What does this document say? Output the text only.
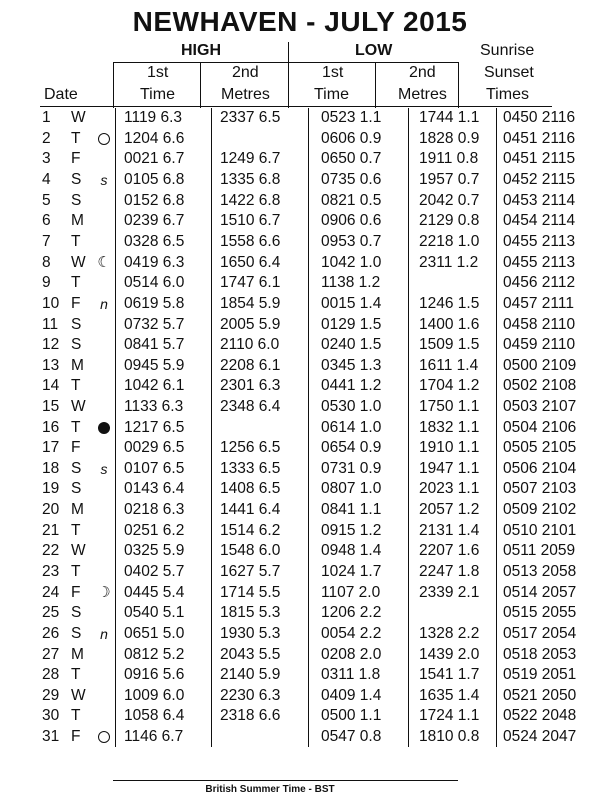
NEWHAVEN - JULY 2015
HIGH	LOW	Sunrise
Sunset
Times
1st	2nd	1st	2nd
Date	Time	Metres	Time	Metres
1	W		1119 6.3	2337 6.5	0523 1.1	1744 1.1	0450 2116
2	T		1204 6.6		0606 0.9	1828 0.9	0451 2116
3	F		0021 6.7	1249 6.7	0650 0.7	1911 0.8	0451 2115
4	S	s	0105 6.8	1335 6.8	0735 0.6	1957 0.7	0452 2115
5	S		0152 6.8	1422 6.8	0821 0.5	2042 0.7	0453 2114
6	M		0239 6.7	1510 6.7	0906 0.6	2129 0.8	0454 2114
7	T		0328 6.5	1558 6.6	0953 0.7	2218 1.0	0455 2113
8	W	☾	0419 6.3	1650 6.4	1042 1.0	2311 1.2	0455 2113
9	T		0514 6.0	1747 6.1	1138 1.2		0456 2112
10	F	n	0619 5.8	1854 5.9	0015 1.4	1246 1.5	0457 2111
11	S		0732 5.7	2005 5.9	0129 1.5	1400 1.6	0458 2110
12	S		0841 5.7	2110 6.0	0240 1.5	1509 1.5	0459 2110
13	M		0945 5.9	2208 6.1	0345 1.3	1611 1.4	0500 2109
14	T		1042 6.1	2301 6.3	0441 1.2	1704 1.2	0502 2108
15	W		1133 6.3	2348 6.4	0530 1.0	1750 1.1	0503 2107
16	T		1217 6.5		0614 1.0	1832 1.1	0504 2106
17	F		0029 6.5	1256 6.5	0654 0.9	1910 1.1	0505 2105
18	S	s	0107 6.5	1333 6.5	0731 0.9	1947 1.1	0506 2104
19	S		0143 6.4	1408 6.5	0807 1.0	2023 1.1	0507 2103
20	M		0218 6.3	1441 6.4	0841 1.1	2057 1.2	0509 2102
21	T		0251 6.2	1514 6.2	0915 1.2	2131 1.4	0510 2101
22	W		0325 5.9	1548 6.0	0948 1.4	2207 1.6	0511 2059
23	T		0402 5.7	1627 5.7	1024 1.7	2247 1.8	0513 2058
24	F	☽	0445 5.4	1714 5.5	1107 2.0	2339 2.1	0514 2057
25	S		0540 5.1	1815 5.3	1206 2.2		0515 2055
26	S	n	0651 5.0	1930 5.3	0054 2.2	1328 2.2	0517 2054
27	M		0812 5.2	2043 5.5	0208 2.0	1439 2.0	0518 2053
28	T		0916 5.6	2140 5.9	0311 1.8	1541 1.7	0519 2051
29	W		1009 6.0	2230 6.3	0409 1.4	1635 1.4	0521 2050
30	T		1058 6.4	2318 6.6	0500 1.1	1724 1.1	0522 2048
31	F		1146 6.7		0547 0.8	1810 0.8	0524 2047
British Summer Time - BST
